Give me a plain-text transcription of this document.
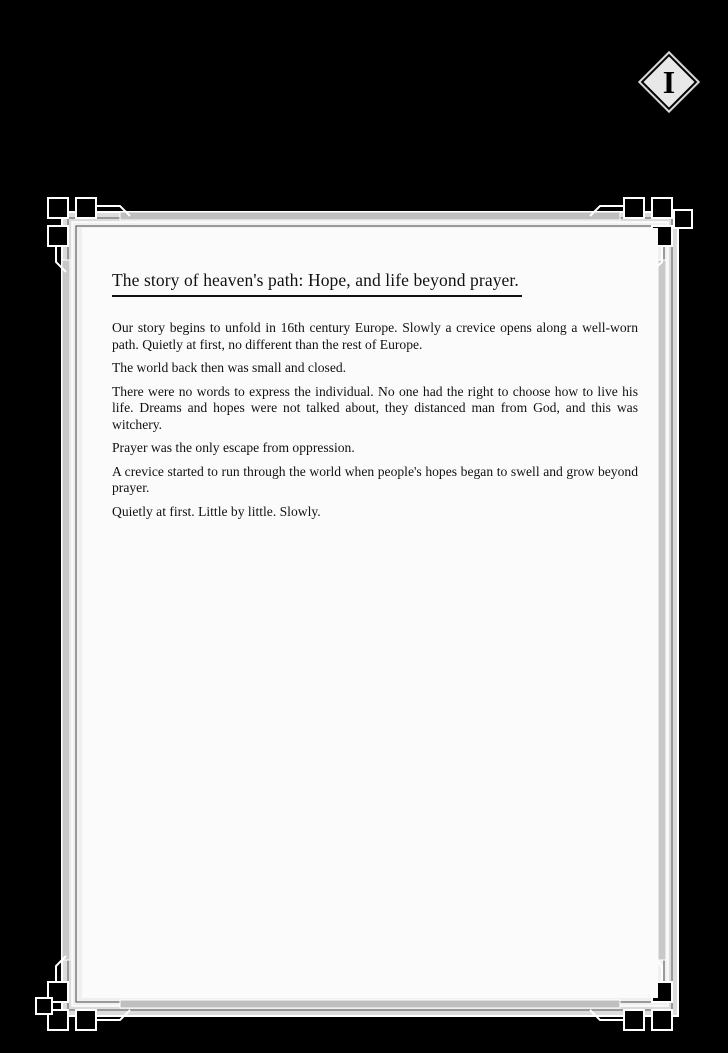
I
The story of heaven's path: Hope, and life beyond prayer.

Our story begins to unfold in 16th century Europe. Slowly a crevice opens along a well-worn path. Quietly at first, no different than the rest of Europe.

The world back then was small and closed.

There were no words to express the individual. No one had the right to choose how to live his life. Dreams and hopes were not talked about, they distanced man from God, and this was witchery.

Prayer was the only escape from oppression.

A crevice started to run through the world when people's hopes began to swell and grow beyond prayer.

Quietly at first. Little by little. Slowly.
